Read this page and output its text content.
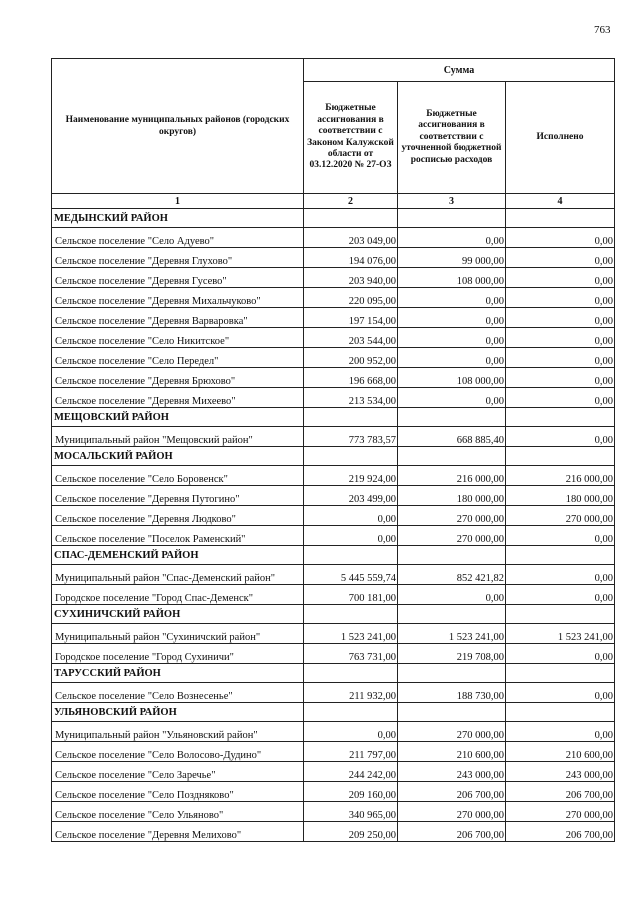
763
Наименование муниципальных районов (городских округов)	Сумма		
	Бюджетные ассигнования в соответствии с Законом Калужской области от 03.12.2020 № 27-ОЗ	Бюджетные ассигнования в соответствии с уточненной бюджетной росписью расходов	Исполнено
1	2	3	4
МЕДЫНСКИЙ РАЙОН			
Сельское поселение "Село Адуево"	203 049,00	0,00	0,00
Сельское поселение "Деревня Глухово"	194 076,00	99 000,00	0,00
Сельское поселение "Деревня Гусево"	203 940,00	108 000,00	0,00
Сельское поселение "Деревня Михальчуково"	220 095,00	0,00	0,00
Сельское поселение "Деревня Варваровка"	197 154,00	0,00	0,00
Сельское поселение "Село Никитское"	203 544,00	0,00	0,00
Сельское поселение "Село Передел"	200 952,00	0,00	0,00
Сельское поселение "Деревня Брюхово"	196 668,00	108 000,00	0,00
Сельское поселение "Деревня Михеево"	213 534,00	0,00	0,00
МЕЩОВСКИЙ РАЙОН			
Муниципальный район "Мещовский район"	773 783,57	668 885,40	0,00
МОСАЛЬСКИЙ РАЙОН			
Сельское поселение "Село Боровенск"	219 924,00	216 000,00	216 000,00
Сельское поселение "Деревня Путогино"	203 499,00	180 000,00	180 000,00
Сельское поселение "Деревня Людково"	0,00	270 000,00	270 000,00
Сельское поселение "Поселок Раменский"	0,00	270 000,00	0,00
СПАС-ДЕМЕНСКИЙ РАЙОН			
Муниципальный район "Спас-Деменский район"	5 445 559,74	852 421,82	0,00
Городское поселение "Город Спас-Деменск"	700 181,00	0,00	0,00
СУХИНИЧСКИЙ РАЙОН			
Муниципальный район "Сухиничский район"	1 523 241,00	1 523 241,00	1 523 241,00
Городское поселение "Город Сухиничи"	763 731,00	219 708,00	0,00
ТАРУССКИЙ РАЙОН			
Сельское поселение "Село Вознесенье"	211 932,00	188 730,00	0,00
УЛЬЯНОВСКИЙ РАЙОН			
Муниципальный район "Ульяновский район"	0,00	270 000,00	0,00
Сельское поселение "Село Волосово-Дудино"	211 797,00	210 600,00	210 600,00
Сельское поселение "Село Заречье"	244 242,00	243 000,00	243 000,00
Сельское поселение "Село Поздняково"	209 160,00	206 700,00	206 700,00
Сельское поселение "Село Ульяново"	340 965,00	270 000,00	270 000,00
Сельское поселение "Деревня Мелихово"	209 250,00	206 700,00	206 700,00
